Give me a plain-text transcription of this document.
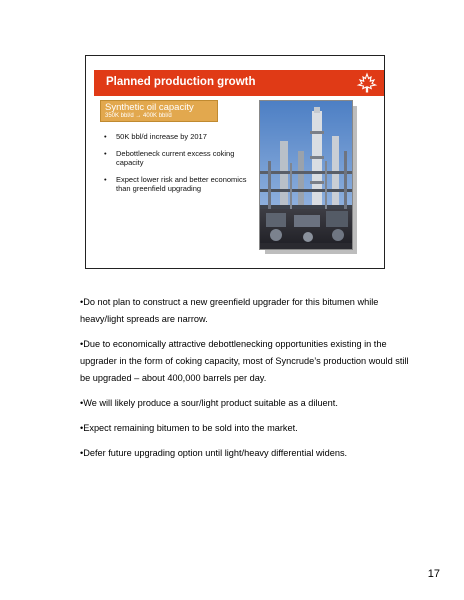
Planned production growth
Synthetic oil capacity
350K bbl/d → 400K bbl/d
• 50K bbl/d increase by 2017
• Debottleneck current excess coking capacity
• Expect lower risk and better economics than greenfield upgrading

•Do not plan to construct a new greenfield upgrader for this bitumen while heavy/light spreads are narrow.

•Due to economically attractive debottlenecking opportunities existing in the upgrader in the form of coking capacity, most of Syncrude’s production would still be upgraded – about 400,000 barrels per day.

•We will likely produce a sour/light product suitable as a diluent.

•Expect remaining bitumen to be sold into the market.

•Defer future upgrading option until light/heavy differential widens.

17
